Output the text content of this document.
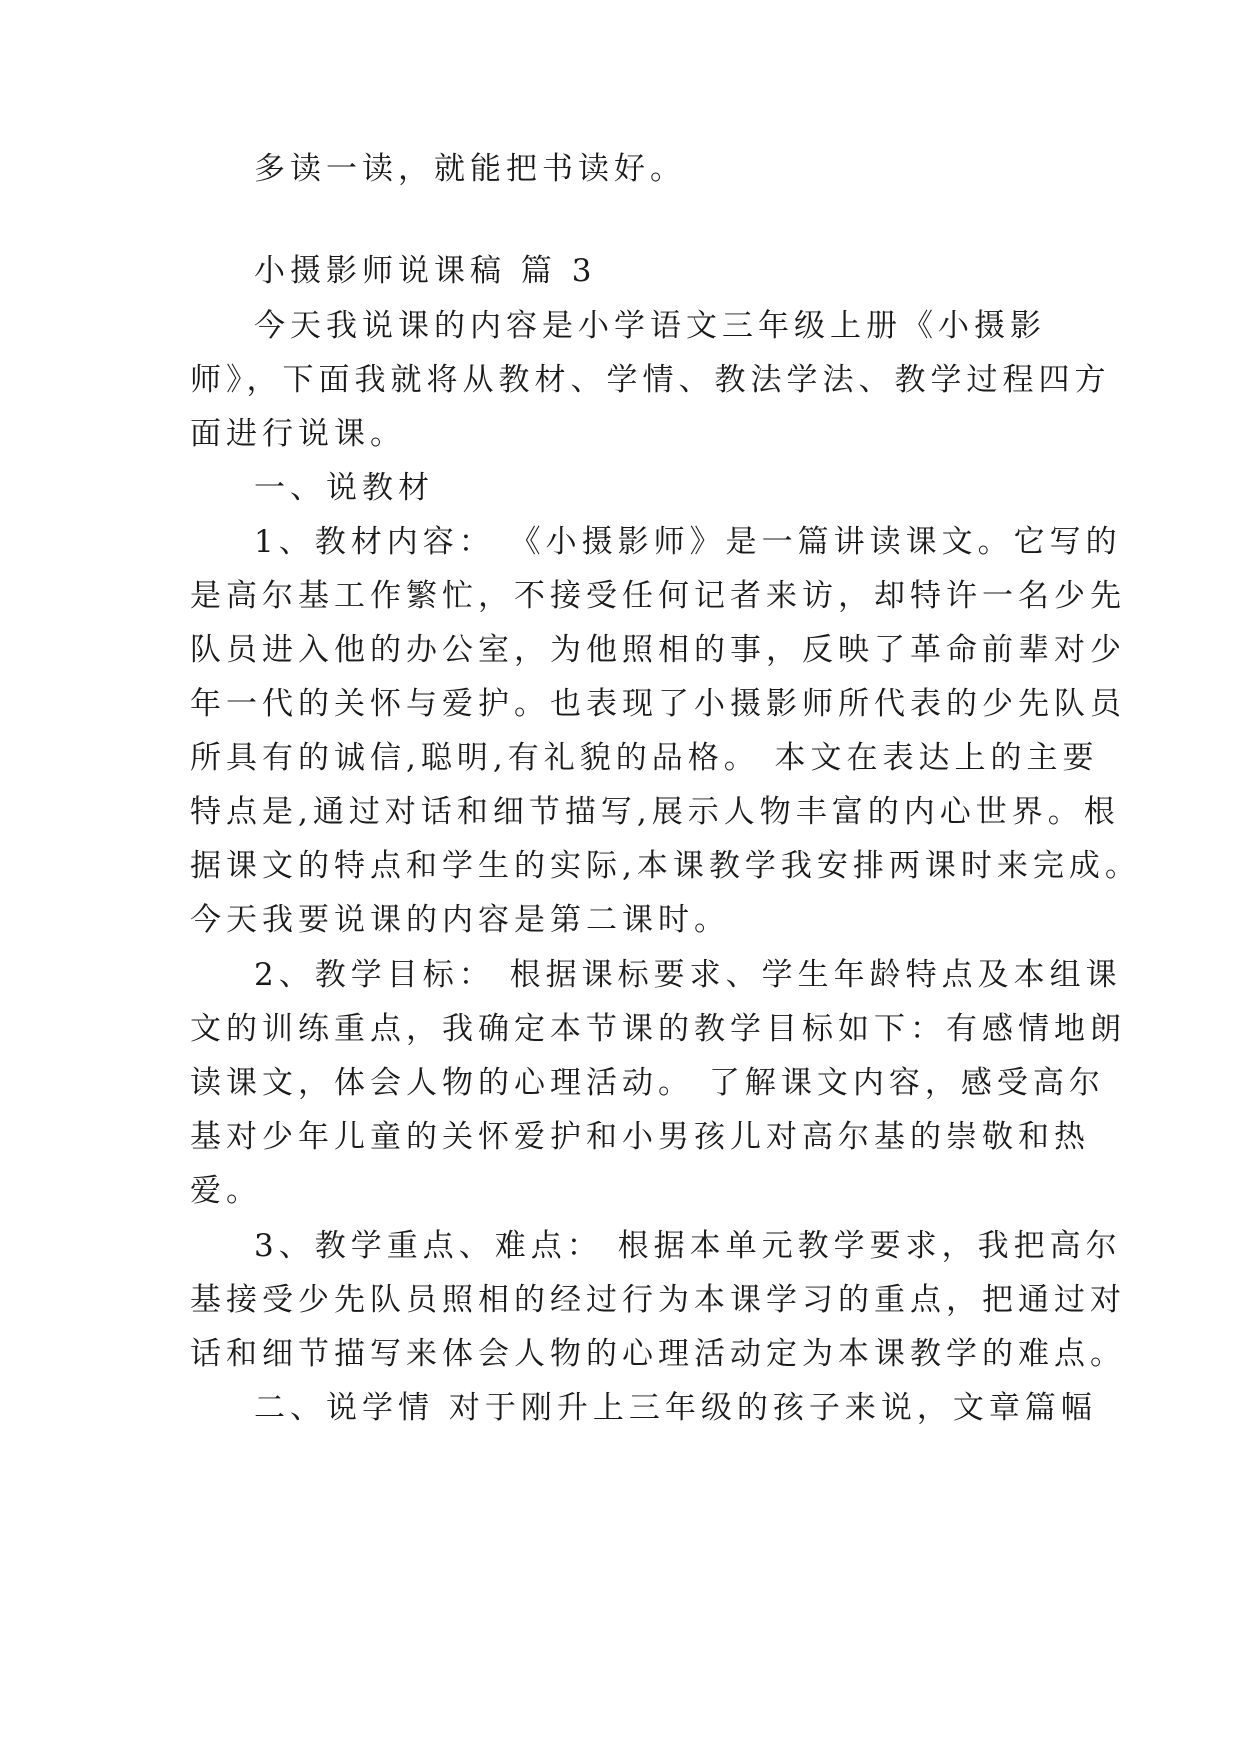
多读一读，就能把书读好。
小摄影师说课稿 篇 3
今天我说课的内容是小学语文三年级上册《小摄影
师》，下面我就将从教材、学情、教法学法、教学过程四方
面进行说课。
一、说教材
1、教材内容： 《小摄影师》是一篇讲读课文。它写的
是高尔基工作繁忙，不接受任何记者来访，却特许一名少先
队员进入他的办公室，为他照相的事，反映了革命前辈对少
年一代的关怀与爱护。也表现了小摄影师所代表的少先队员
所具有的诚信,聪明,有礼貌的品格。 本文在表达上的主要
特点是,通过对话和细节描写,展示人物丰富的内心世界。根
据课文的特点和学生的实际,本课教学我安排两课时来完成。
今天我要说课的内容是第二课时。
2、教学目标： 根据课标要求、学生年龄特点及本组课
文的训练重点，我确定本节课的教学目标如下：有感情地朗
读课文，体会人物的心理活动。 了解课文内容，感受高尔
基对少年儿童的关怀爱护和小男孩儿对高尔基的崇敬和热
爱。
3、教学重点、难点： 根据本单元教学要求，我把高尔
基接受少先队员照相的经过行为本课学习的重点，把通过对
话和细节描写来体会人物的心理活动定为本课教学的难点。
二、说学情 对于刚升上三年级的孩子来说，文章篇幅
